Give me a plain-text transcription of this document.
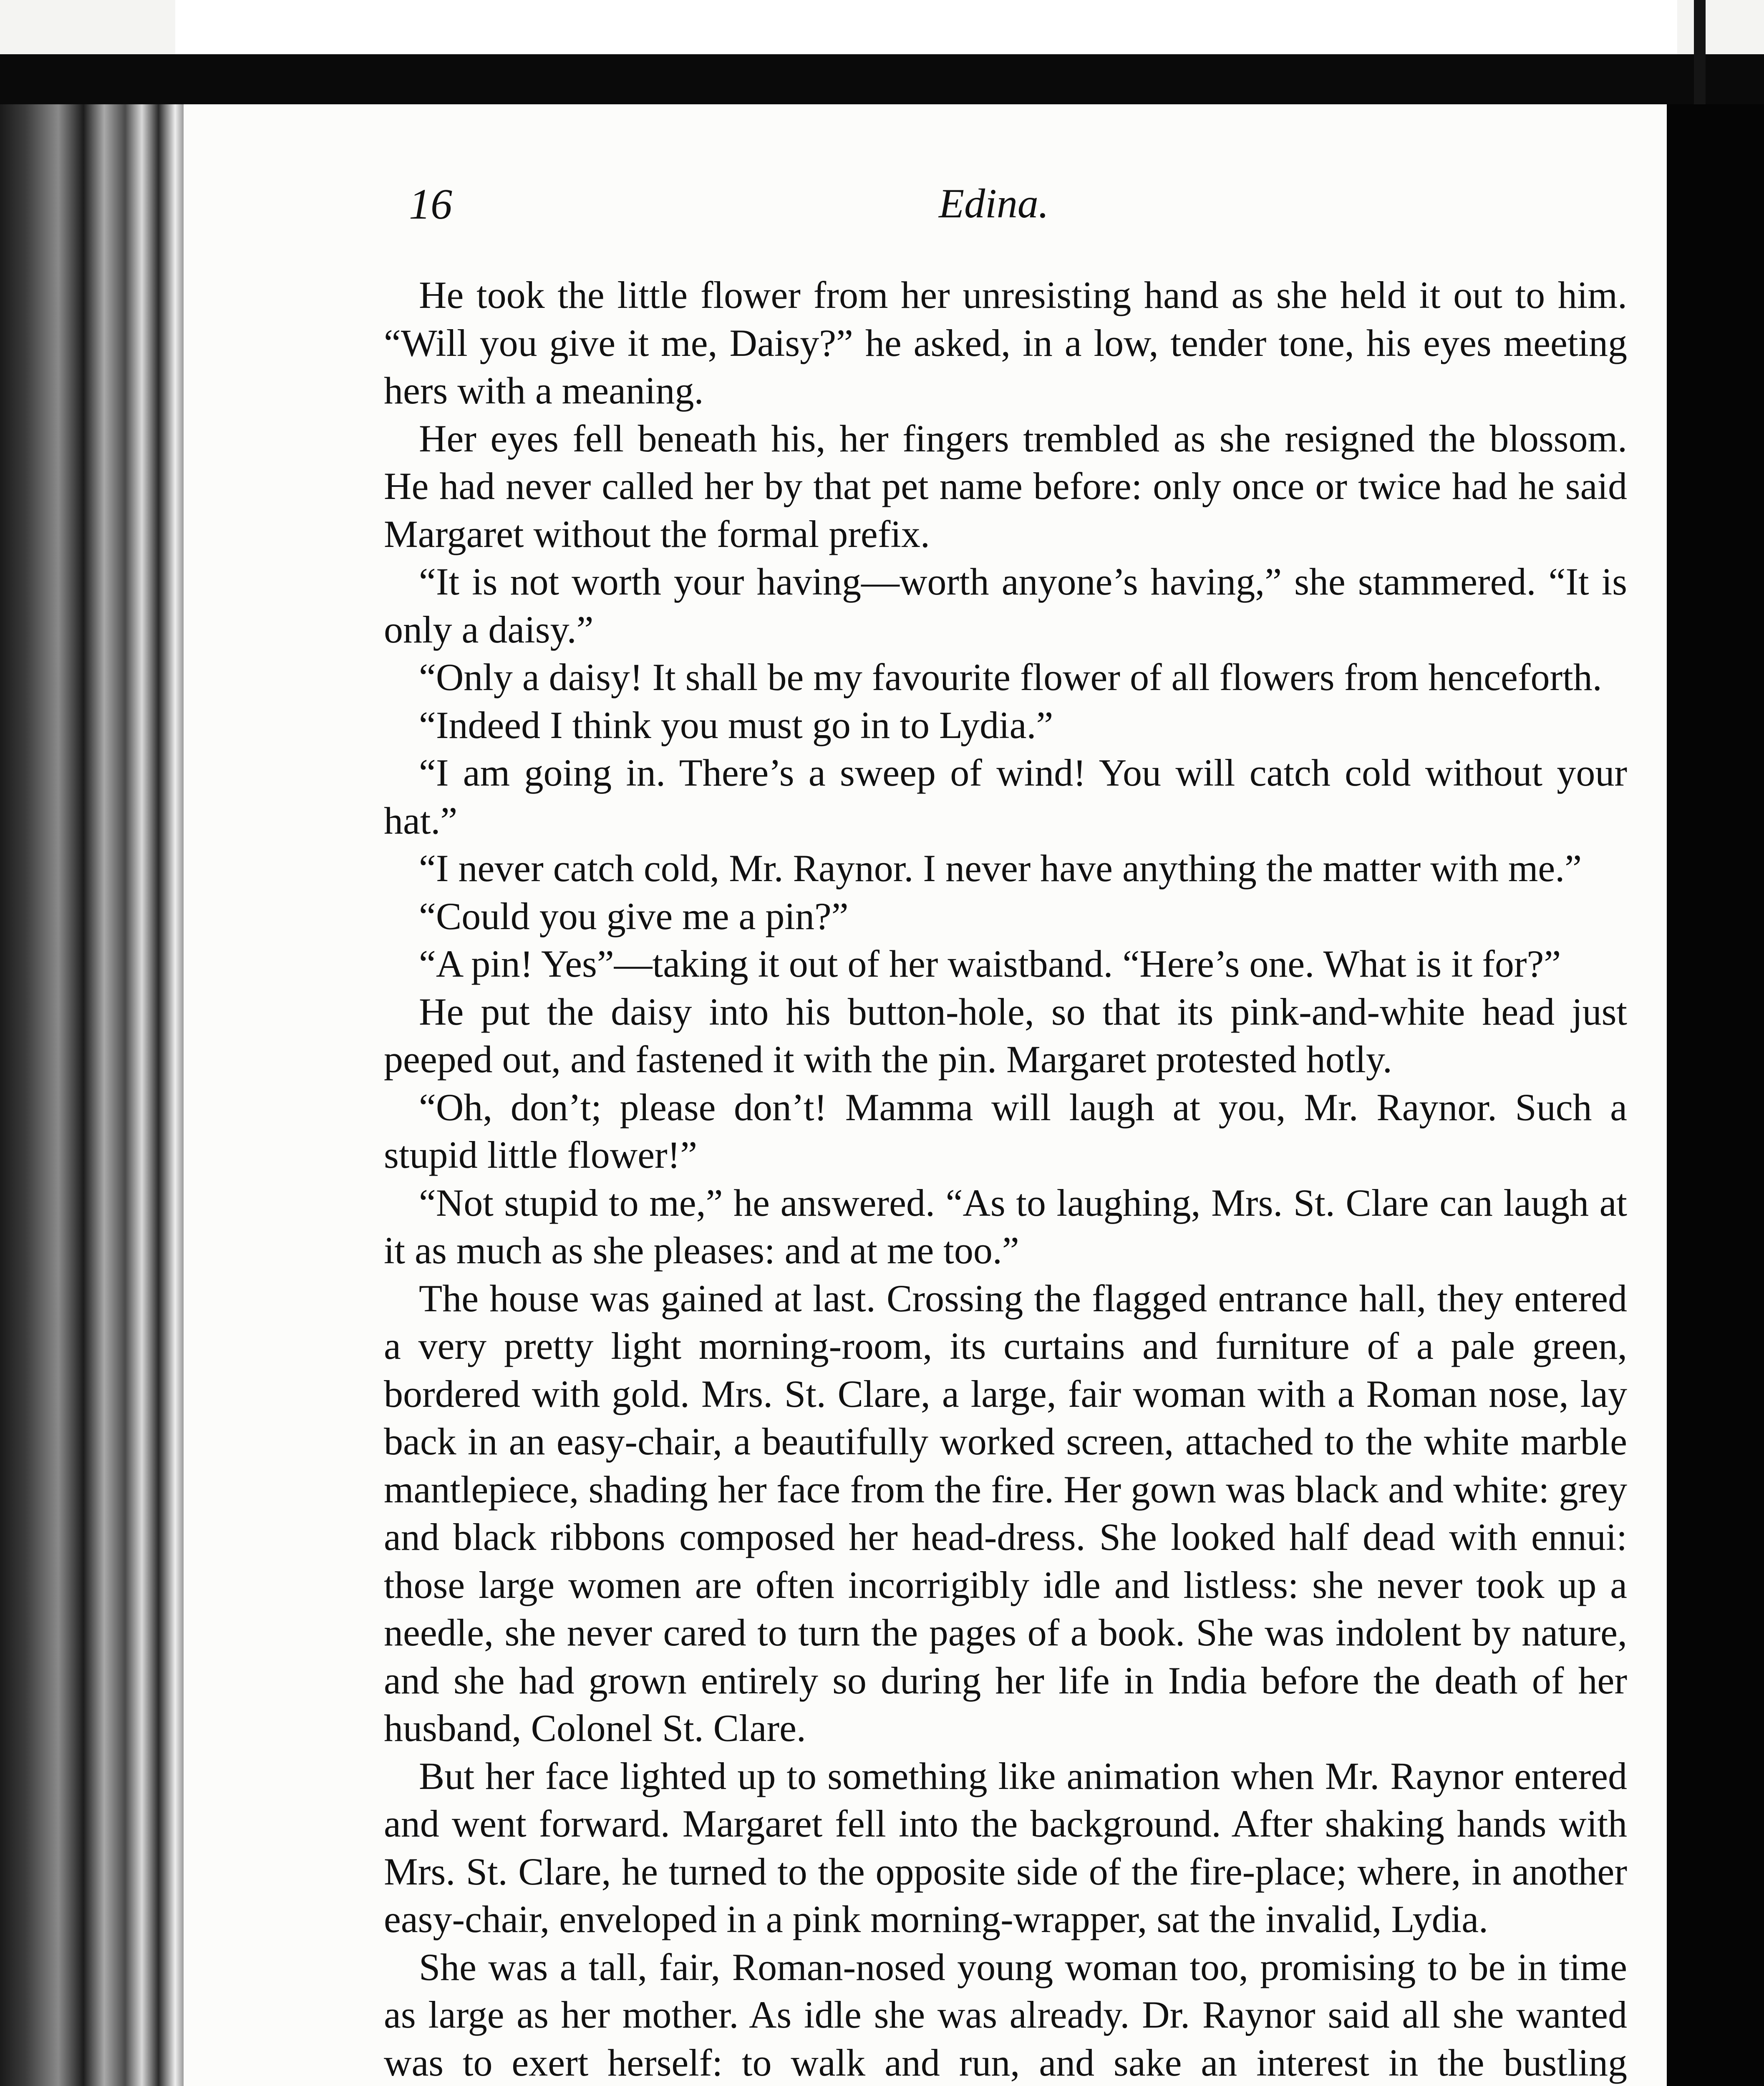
16	Edina.

He took the little flower from her unresisting hand as she held it out to him. “Will you give it me, Daisy?” he asked, in a low, tender tone, his eyes meeting hers with a meaning.

Her eyes fell beneath his, her fingers trembled as she resigned the blossom. He had never called her by that pet name before: only once or twice had he said Margaret without the formal prefix.

“It is not worth your having—worth anyone’s having,” she stammered. “It is only a daisy.”

“Only a daisy! It shall be my favourite flower of all flowers from henceforth.

“Indeed I think you must go in to Lydia.”

“I am going in. There’s a sweep of wind! You will catch cold without your hat.”

“I never catch cold, Mr. Raynor. I never have anything the matter with me.”

“Could you give me a pin?”

“A pin! Yes”—taking it out of her waistband. “Here’s one. What is it for?”

He put the daisy into his button-hole, so that its pink-and-white head just peeped out, and fastened it with the pin. Margaret protested hotly.

“Oh, don’t; please don’t! Mamma will laugh at you, Mr. Raynor. Such a stupid little flower!”

“Not stupid to me,” he answered. “As to laughing, Mrs. St. Clare can laugh at it as much as she pleases: and at me too.”

The house was gained at last. Crossing the flagged entrance hall, they entered a very pretty light morning-room, its curtains and furniture of a pale green, bordered with gold. Mrs. St. Clare, a large, fair woman with a Roman nose, lay back in an easy-chair, a beautifully worked screen, attached to the white marble mantlepiece, shading her face from the fire. Her gown was black and white: grey and black ribbons composed her head-dress. She looked half dead with ennui: those large women are often incorrigibly idle and listless: she never took up a needle, she never cared to turn the pages of a book. She was indolent by nature, and she had grown entirely so during her life in India before the death of her husband, Colonel St. Clare.

But her face lighted up to something like animation when Mr. Raynor entered and went forward. Margaret fell into the background. After shaking hands with Mrs. St. Clare, he turned to the opposite side of the fire-place; where, in another easy-chair, enveloped in a pink morning-wrapper, sat the invalid, Lydia.

She was a tall, fair, Roman-nosed young woman too, promising to be in time as large as her mother. As idle she was already. Dr. Raynor said all she wanted was to exert herself: to walk and run, and sake an interest in the bustling
